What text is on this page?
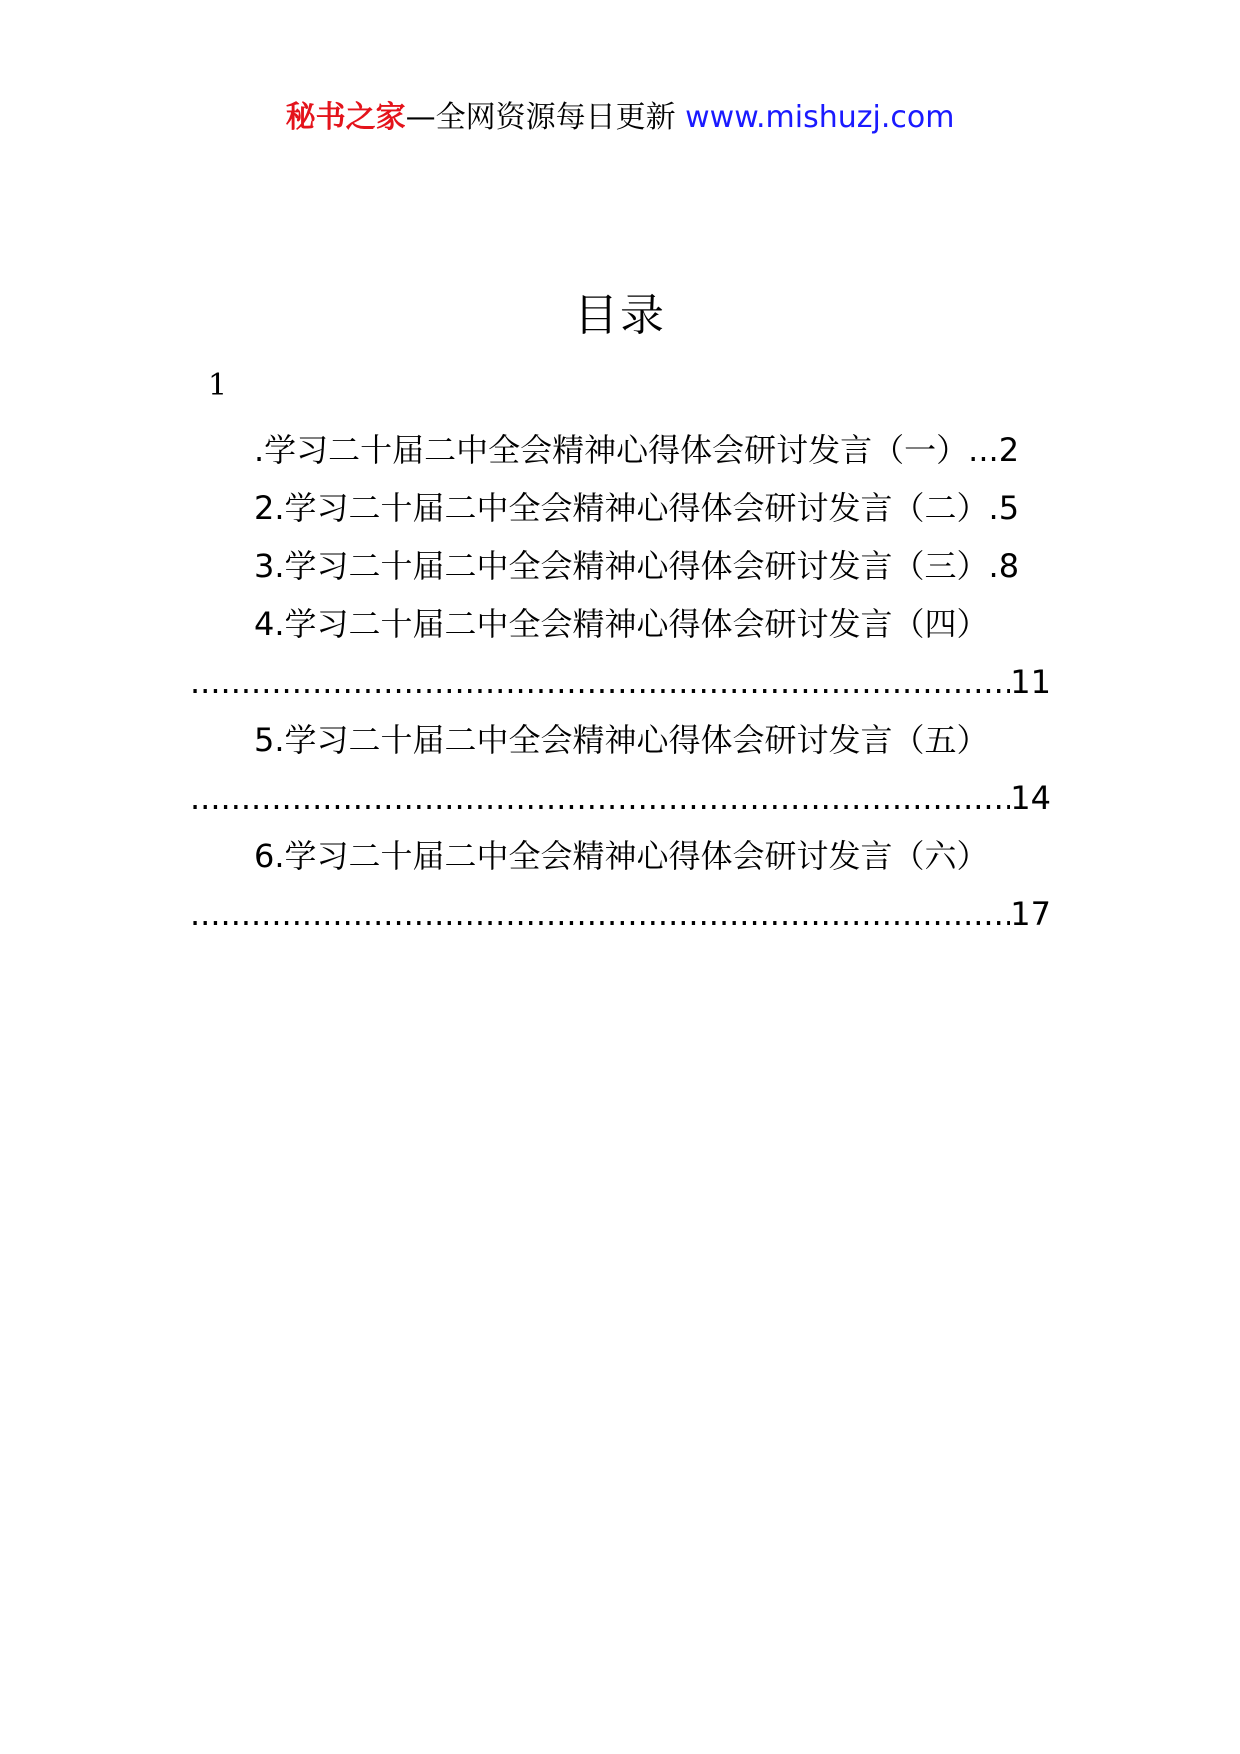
秘书之家—全网资源每日更新 www.mishuzj.com
目录
1
.学习二十届二中全会精神心得体会研讨发言（一）...2
2.学习二十届二中全会精神心得体会研讨发言（二）.5
3.学习二十届二中全会精神心得体会研讨发言（三）.8
4.学习二十届二中全会精神心得体会研讨发言（四）
.....
11
5.学习二十届二中全会精神心得体会研讨发言（五）
.....
14
6.学习二十届二中全会精神心得体会研讨发言（六）
.....
17
